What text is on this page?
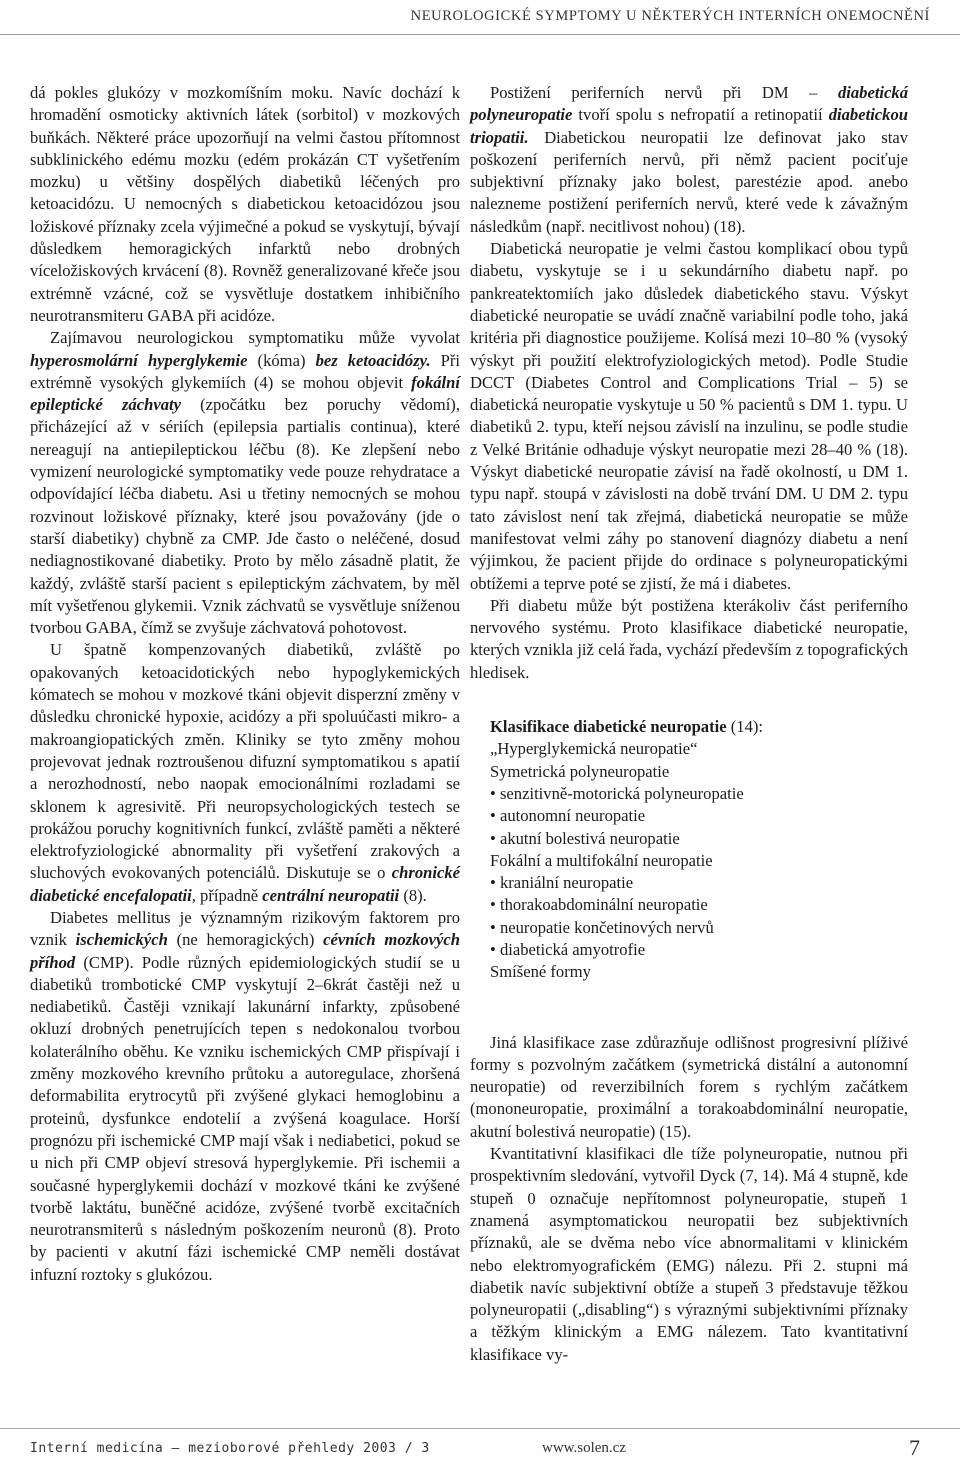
NEUROLOGICKÉ SYMPTOMY U NĚKTERÝCH INTERNÍCH ONEMOCNĚNÍ

dá pokles glukózy v mozkomíšním moku. Navíc dochází k hromadění osmoticky aktivních látek (sorbitol) v mozkových buňkách. Některé práce upozorňují na velmi častou přítomnost subklinického edému mozku (edém prokázán CT vyšetřením mozku) u většiny dospělých diabetiků léčených pro ketoacidózu. U nemocných s diabetickou ketoacidózou jsou ložiskové příznaky zcela výjimečné a pokud se vyskytují, bývají důsledkem hemoragických infarktů nebo drobných víceložiskových krvácení (8). Rovněž generalizované křeče jsou extrémně vzácné, což se vysvětluje dostatkem inhibičního neurotransmiteru GABA při acidóze.

Zajímavou neurologickou symptomatiku může vyvolat hyperosmolární hyperglykemie (kóma) bez ketoacidózy. Při extrémně vysokých glykemiích (4) se mohou objevit fokální epileptické záchvaty (zpočátku bez poruchy vědomí), přicházející až v sériích (epilepsia partialis continua), které nereagují na antiepileptickou léčbu (8). Ke zlepšení nebo vymizení neurologické symptomatiky vede pouze rehydratace a odpovídající léčba diabetu. Asi u třetiny nemocných se mohou rozvinout ložiskové příznaky, které jsou považovány (jde o starší diabetiky) chybně za CMP. Jde často o neléčené, dosud nediagnostikované diabetiky. Proto by mělo zásadně platit, že každý, zvláště starší pacient s epileptickým záchvatem, by měl mít vyšetřenou glykemii. Vznik záchvatů se vysvětluje sníženou tvorbou GABA, čímž se zvyšuje záchvatová pohotovost.

U špatně kompenzovaných diabetiků, zvláště po opakovaných ketoacidotických nebo hypoglykemických kómatech se mohou v mozkové tkáni objevit disperzní změny v důsledku chronické hypoxie, acidózy a při spoluúčasti mikro- a makroangiopatických změn. Kliniky se tyto změny mohou projevovat jednak roztroušenou difuzní symptomatikou s apatií a nerozhodností, nebo naopak emocionálními rozladami se sklonem k agresivitě. Při neuropsychologických testech se prokážou poruchy kognitivních funkcí, zvláště paměti a některé elektrofyziologické abnormality při vyšetření zrakových a sluchových evokovaných potenciálů. Diskutuje se o chronické diabetické encefalopatii, případně centrální neuropatii (8).

Diabetes mellitus je významným rizikovým faktorem pro vznik ischemických (ne hemoragických) cévních mozkových příhod (CMP). Podle různých epidemiologických studií se u diabetiků trombotické CMP vyskytují 2–6krát častěji než u nediabetiků. Častěji vznikají lakunární infarkty, způsobené okluzí drobných penetrujících tepen s nedokonalou tvorbou kolaterálního oběhu. Ke vzniku ischemických CMP přispívají i změny mozkového krevního průtoku a autoregulace, zhoršená deformabilita erytrocytů při zvýšené glykaci hemoglobinu a proteinů, dysfunkce endotelií a zvýšená koagulace. Horší prognózu při ischemické CMP mají však i nediabetici, pokud se u nich při CMP objeví stresová hyperglykemie. Při ischemii a současné hyperglykemii dochází v mozkové tkáni ke zvýšené tvorbě laktátu, buněčné acidóze, zvýšené tvorbě excitačních neurotransmiterů s následným poškozením neuronů (8). Proto by pacienti v akutní fázi ischemické CMP neměli dostávat infuzní roztoky s glukózou.

Postižení periferních nervů při DM – diabetická polyneuropatie tvoří spolu s nefropatií a retinopatií diabetickou triopatii. Diabetickou neuropatii lze definovat jako stav poškození periferních nervů, při němž pacient pociťuje subjektivní příznaky jako bolest, parestézie apod. anebo nalezneme postižení periferních nervů, které vede k závažným následkům (např. necitlivost nohou) (18).

Diabetická neuropatie je velmi častou komplikací obou typů diabetu, vyskytuje se i u sekundárního diabetu např. po pankreatektomiích jako důsledek diabetického stavu. Výskyt diabetické neuropatie se uvádí značně variabilní podle toho, jaká kritéria při diagnostice použijeme. Kolísá mezi 10–80 % (vysoký výskyt při použití elektrofyziologických metod). Podle Studie DCCT (Diabetes Control and Complications Trial – 5) se diabetická neuropatie vyskytuje u 50 % pacientů s DM 1. typu. U diabetiků 2. typu, kteří nejsou závislí na inzulinu, se podle studie z Velké Británie odhaduje výskyt neuropatie mezi 28–40 % (18). Výskyt diabetické neuropatie závisí na řadě okolností, u DM 1. typu např. stoupá v závislosti na době trvání DM. U DM 2. typu tato závislost není tak zřejmá, diabetická neuropatie se může manifestovat velmi záhy po stanovení diagnózy diabetu a není výjimkou, že pacient přijde do ordinace s polyneuropatickými obtížemi a teprve poté se zjistí, že má i diabetes.

Při diabetu může být postižena kterákoliv část periferního nervového systému. Proto klasifikace diabetické neuropatie, kterých vznikla již celá řada, vychází především z topografických hledisek.

Klasifikace diabetické neuropatie (14):

„Hyperglykemická neuropatie“

Symetrická polyneuropatie

• senzitivně-motorická polyneuropatie

• autonomní neuropatie

• akutní bolestivá neuropatie

Fokální a multifokální neuropatie

• kraniální neuropatie

• thorakoabdominální neuropatie

• neuropatie končetinových nervů

• diabetická amyotrofie

Smíšené formy

Jiná klasifikace zase zdůrazňuje odlišnost progresivní plíživé formy s pozvolným začátkem (symetrická distální a autonomní neuropatie) od reverzibilních forem s rychlým začátkem (mononeuropatie, proximální a torakoabdominální neuropatie, akutní bolestivá neuropatie) (15).

Kvantitativní klasifikaci dle tíže polyneuropatie, nutnou při prospektivním sledování, vytvořil Dyck (7, 14). Má 4 stupně, kde stupeň 0 označuje nepřítomnost polyneuropatie, stupeň 1 znamená asymptomatickou neuropatii bez subjektivních příznaků, ale se dvěma nebo více abnormalitami v klinickém nebo elektromyografickém (EMG) nálezu. Při 2. stupni má diabetik navíc subjektivní obtíže a stupeň 3 představuje těžkou polyneuropatii („disabling“) s výraznými subjektivními příznaky a těžkým klinickým a EMG nálezem. Tato kvantitativní klasifikace vy-

Interní medicína – mezioborové přehledy 2003 / 3	www.solen.cz	7
